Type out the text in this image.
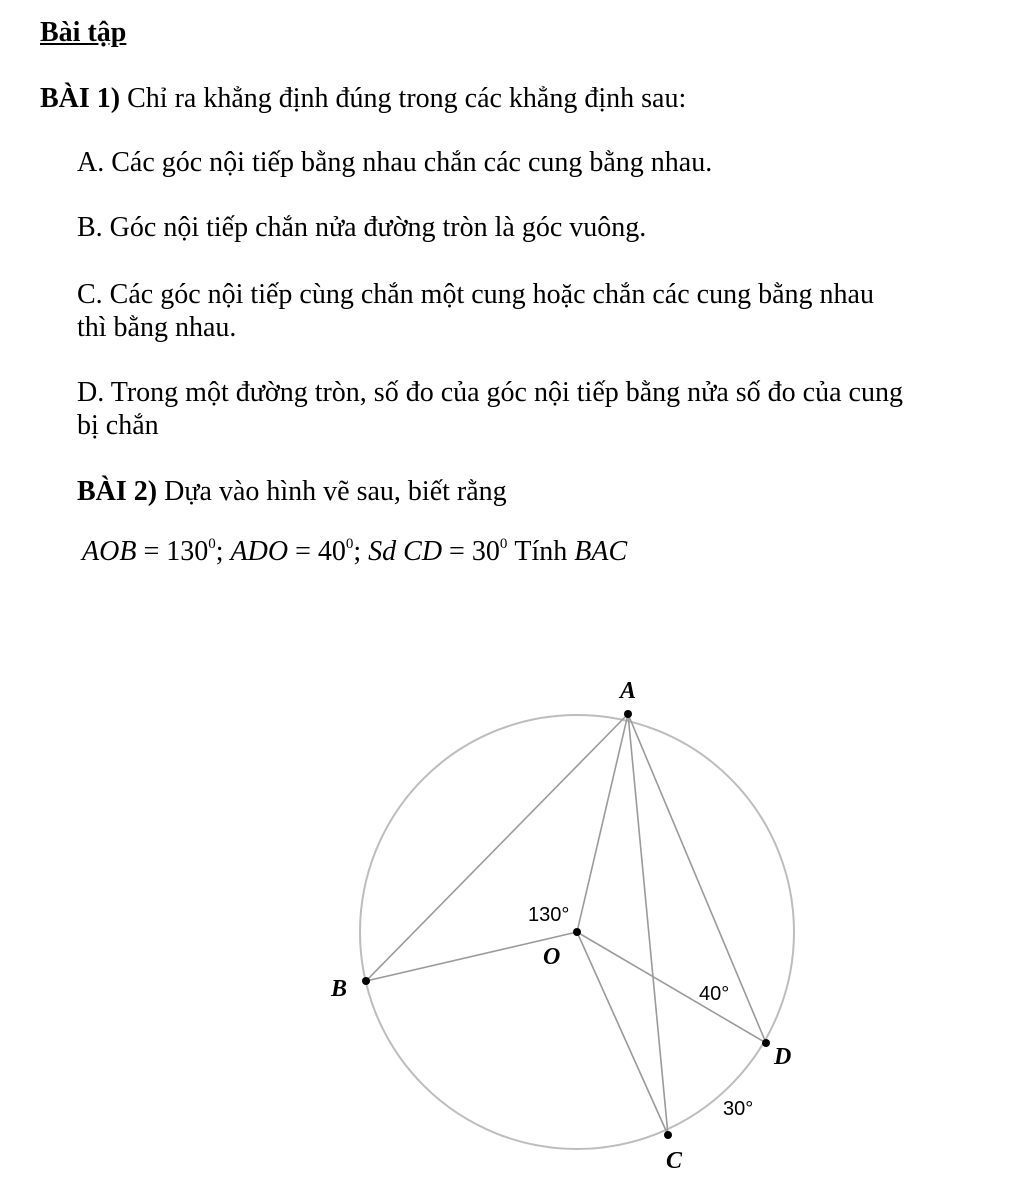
Bài tập
BÀI 1) Chỉ ra khẳng định đúng trong các khẳng định sau:
A. Các góc nội tiếp bằng nhau chắn các cung bằng nhau.
B. Góc nội tiếp chắn nửa đường tròn là góc vuông.
C. Các góc nội tiếp cùng chắn một cung hoặc chắn các cung bằng nhau
thì bằng nhau.
D. Trong một đường tròn, số đo của góc nội tiếp bằng nửa số đo của cung
bị chắn
BÀI 2) Dựa vào hình vẽ sau, biết rằng
AOB = $130^0$; ADO = $40^0$; Sd CD = $30^0$ Tính BAC
A
B
C
D
O
130°
40°
30°
